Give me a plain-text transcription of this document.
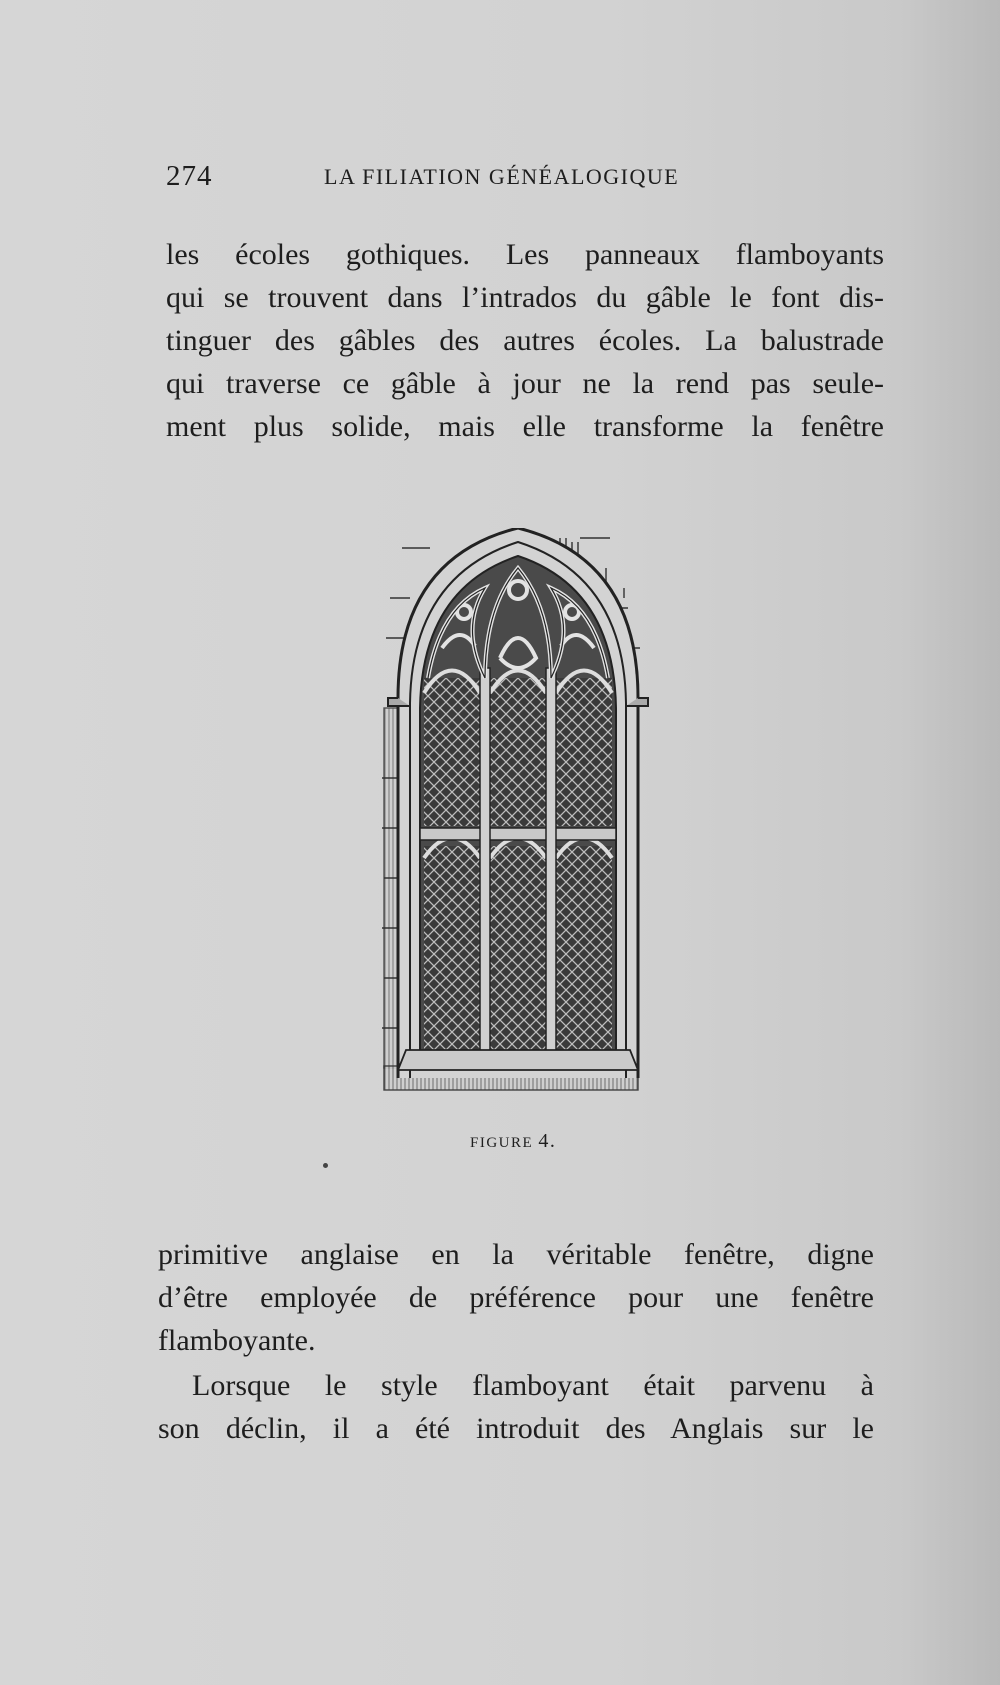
274	LA FILIATION GÉNÉALOGIQUE

les écoles gothiques. Les panneaux flamboyants
qui se trouvent dans l’intrados du gâble le font dis-
tinguer des gâbles des autres écoles. La balustrade
qui traverse ce gâble à jour ne la rend pas seule-
ment plus solide, mais elle transforme la fenêtre

FIGURE 4.

primitive anglaise en la véritable fenêtre, digne
d’être employée de préférence pour une fenêtre
flamboyante.

Lorsque le style flamboyant était parvenu à
son déclin, il a été introduit des Anglais sur le
